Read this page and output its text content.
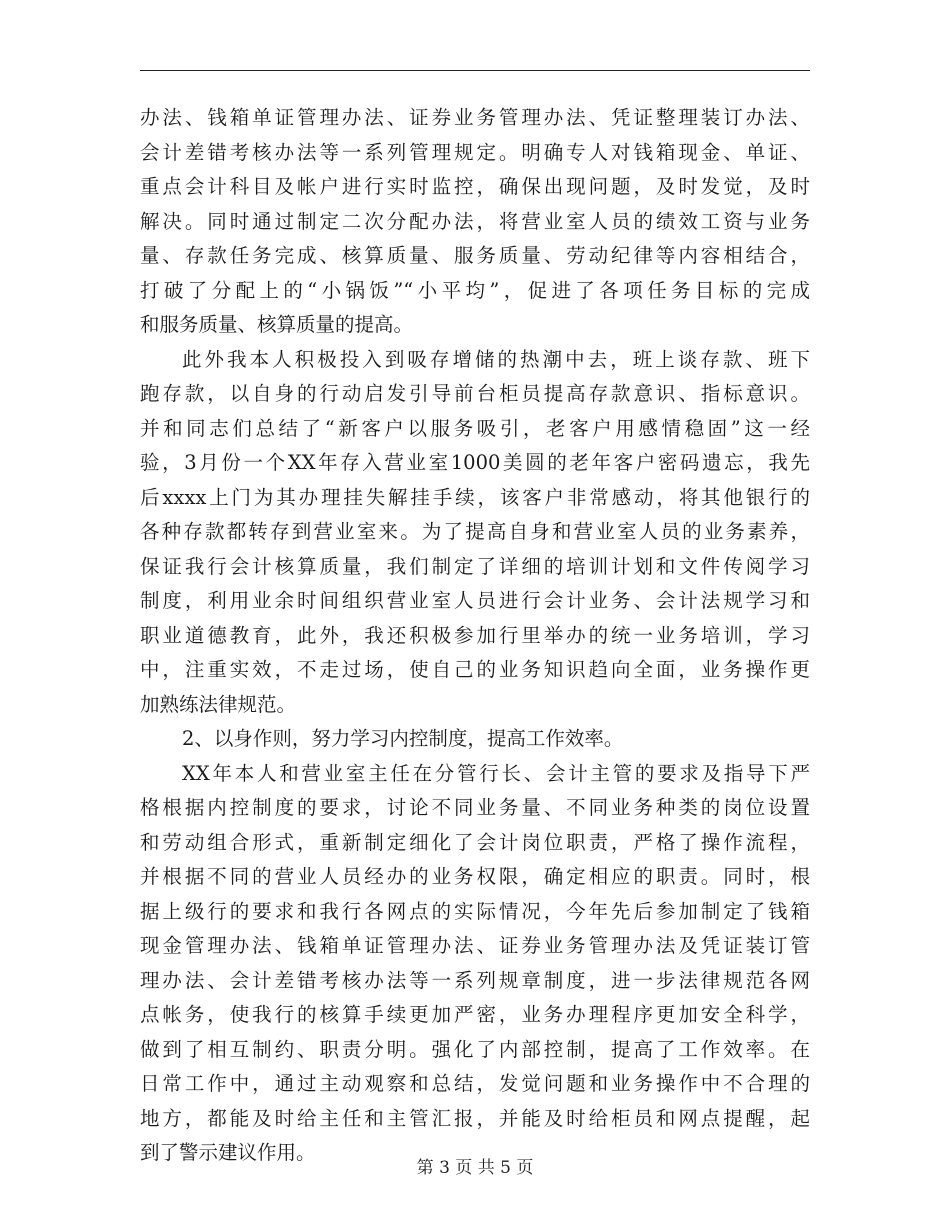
办法、钱箱单证管理办法、证券业务管理办法、凭证整理装订办法、
会计差错考核办法等一系列管理规定。明确专人对钱箱现金、单证、
重点会计科目及帐户进行实时监控，确保出现问题，及时发觉，及时
解决。同时通过制定二次分配办法，将营业室人员的绩效工资与业务
量、存款任务完成、核算质量、服务质量、劳动纪律等内容相结合，
打破了分配上的“小锅饭”“小平均”，促进了各项任务目标的完成
和服务质量、核算质量的提高。
此外我本人积极投入到吸存增储的热潮中去，班上谈存款、班下
跑存款，以自身的行动启发引导前台柜员提高存款意识、指标意识。
并和同志们总结了“新客户以服务吸引，老客户用感情稳固”这一经
验，3月份一个XX年存入营业室1000美圆的老年客户密码遗忘，我先
后xxxx上门为其办理挂失解挂手续，该客户非常感动，将其他银行的
各种存款都转存到营业室来。为了提高自身和营业室人员的业务素养，
保证我行会计核算质量，我们制定了详细的培训计划和文件传阅学习
制度，利用业余时间组织营业室人员进行会计业务、会计法规学习和
职业道德教育，此外，我还积极参加行里举办的统一业务培训，学习
中，注重实效，不走过场，使自己的业务知识趋向全面，业务操作更
加熟练法律规范。
2、以身作则，努力学习内控制度，提高工作效率。
XX年本人和营业室主任在分管行长、会计主管的要求及指导下严
格根据内控制度的要求，讨论不同业务量、不同业务种类的岗位设置
和劳动组合形式，重新制定细化了会计岗位职责，严格了操作流程，
并根据不同的营业人员经办的业务权限，确定相应的职责。同时，根
据上级行的要求和我行各网点的实际情况，今年先后参加制定了钱箱
现金管理办法、钱箱单证管理办法、证券业务管理办法及凭证装订管
理办法、会计差错考核办法等一系列规章制度，进一步法律规范各网
点帐务，使我行的核算手续更加严密，业务办理程序更加安全科学，
做到了相互制约、职责分明。强化了内部控制，提高了工作效率。在
日常工作中，通过主动观察和总结，发觉问题和业务操作中不合理的
地方，都能及时给主任和主管汇报，并能及时给柜员和网点提醒，起
到了警示建议作用。
第 3 页 共 5 页
